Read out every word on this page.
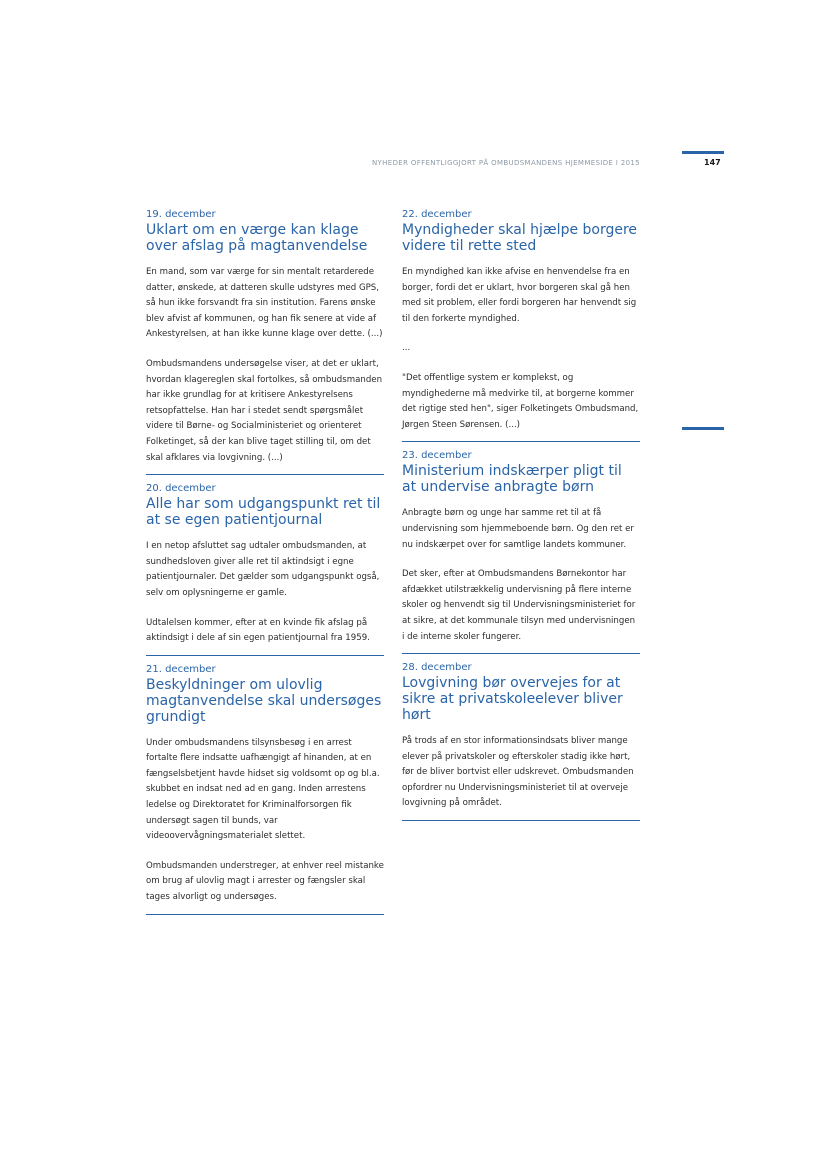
NYHEDER OFFENTLIGGJORT PÅ OMBUDSMANDENS HJEMMESIDE I 2015	147
19. december
Uklart om en værge kan klage over afslag på magtanvendelse

En mand, som var værge for sin mentalt retarderede datter, ønskede, at datteren skulle udstyres med GPS, så hun ikke forsvandt fra sin institution. Farens ønske blev afvist af kommunen, og han fik senere at vide af Ankestyrelsen, at han ikke kunne klage over dette. (...)

Ombudsmandens undersøgelse viser, at det er uklart, hvordan klagereglen skal fortolkes, så ombudsmanden har ikke grundlag for at kritisere Ankestyrelsens retsopfattelse. Han har i stedet sendt spørgsmålet videre til Børne- og Socialministeriet og orienteret Folketinget, så der kan blive taget stilling til, om det skal afklares via lovgivning. (...)

20. december
Alle har som udgangspunkt ret til at se egen patientjournal

I en netop afsluttet sag udtaler ombudsmanden, at sundhedsloven giver alle ret til aktindsigt i egne patientjournaler. Det gælder som udgangspunkt også, selv om oplysningerne er gamle.

Udtalelsen kommer, efter at en kvinde fik afslag på aktindsigt i dele af sin egen patientjournal fra 1959.

21. december
Beskyldninger om ulovlig magtanvendelse skal undersøges grundigt

Under ombudsmandens tilsynsbesøg i en arrest fortalte flere indsatte uafhængigt af hinanden, at en fængselsbetjent havde hidset sig voldsomt op og bl.a. skubbet en indsat ned ad en gang. Inden arrestens ledelse og Direktoratet for Kriminalforsorgen fik undersøgt sagen til bunds, var videoovervågningsmaterialet slettet.

Ombudsmanden understreger, at enhver reel mistanke om brug af ulovlig magt i arrester og fængsler skal tages alvorligt og undersøges.

22. december
Myndigheder skal hjælpe borgere videre til rette sted

En myndighed kan ikke afvise en henvendelse fra en borger, fordi det er uklart, hvor borgeren skal gå hen med sit problem, eller fordi borgeren har henvendt sig til den forkerte myndighed.

...

"Det offentlige system er komplekst, og myndighederne må medvirke til, at borgerne kommer det rigtige sted hen", siger Folketingets Ombudsmand, Jørgen Steen Sørensen. (...)

23. december
Ministerium indskærper pligt til at undervise anbragte børn

Anbragte børn og unge har samme ret til at få undervisning som hjemmeboende børn. Og den ret er nu indskærpet over for samtlige landets kommuner.

Det sker, efter at Ombudsmandens Børnekontor har afdækket utilstrækkelig undervisning på flere interne skoler og henvendt sig til Undervisningsministeriet for at sikre, at det kommunale tilsyn med undervisningen i de interne skoler fungerer.

28. december
Lovgivning bør overvejes for at sikre at privatskoleelever bliver hørt

På trods af en stor informationsindsats bliver mange elever på privatskoler og efterskoler stadig ikke hørt, før de bliver bortvist eller udskrevet. Ombudsmanden opfordrer nu Undervisningsministeriet til at overveje lovgivning på området.
